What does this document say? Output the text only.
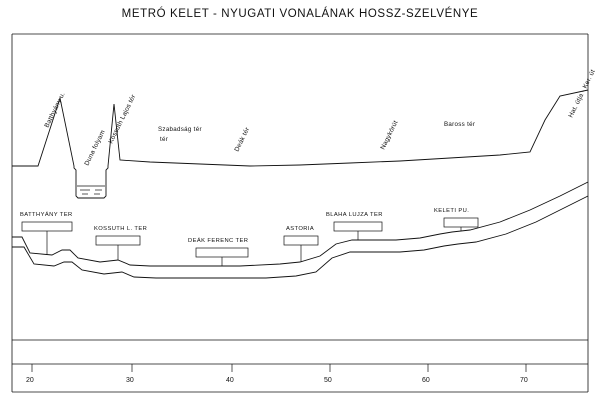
METRÓ KELET - NYUGATI VONALÁNAK HOSSZ-SZELVÉNYE
Batthyány u.
Duna folyam
Kossuth Lajos tér	Szabadság tér	Deák tér	Nagykörút	Baross tér
Hat. útja - Ker. út
tér
BATTHYÁNY TER
KOSSUTH L. TER
DEÁK FERENC TER
ASTORIA
BLAHA LUJZA TER
KELETI PU.
20	30	40	50	60	70
